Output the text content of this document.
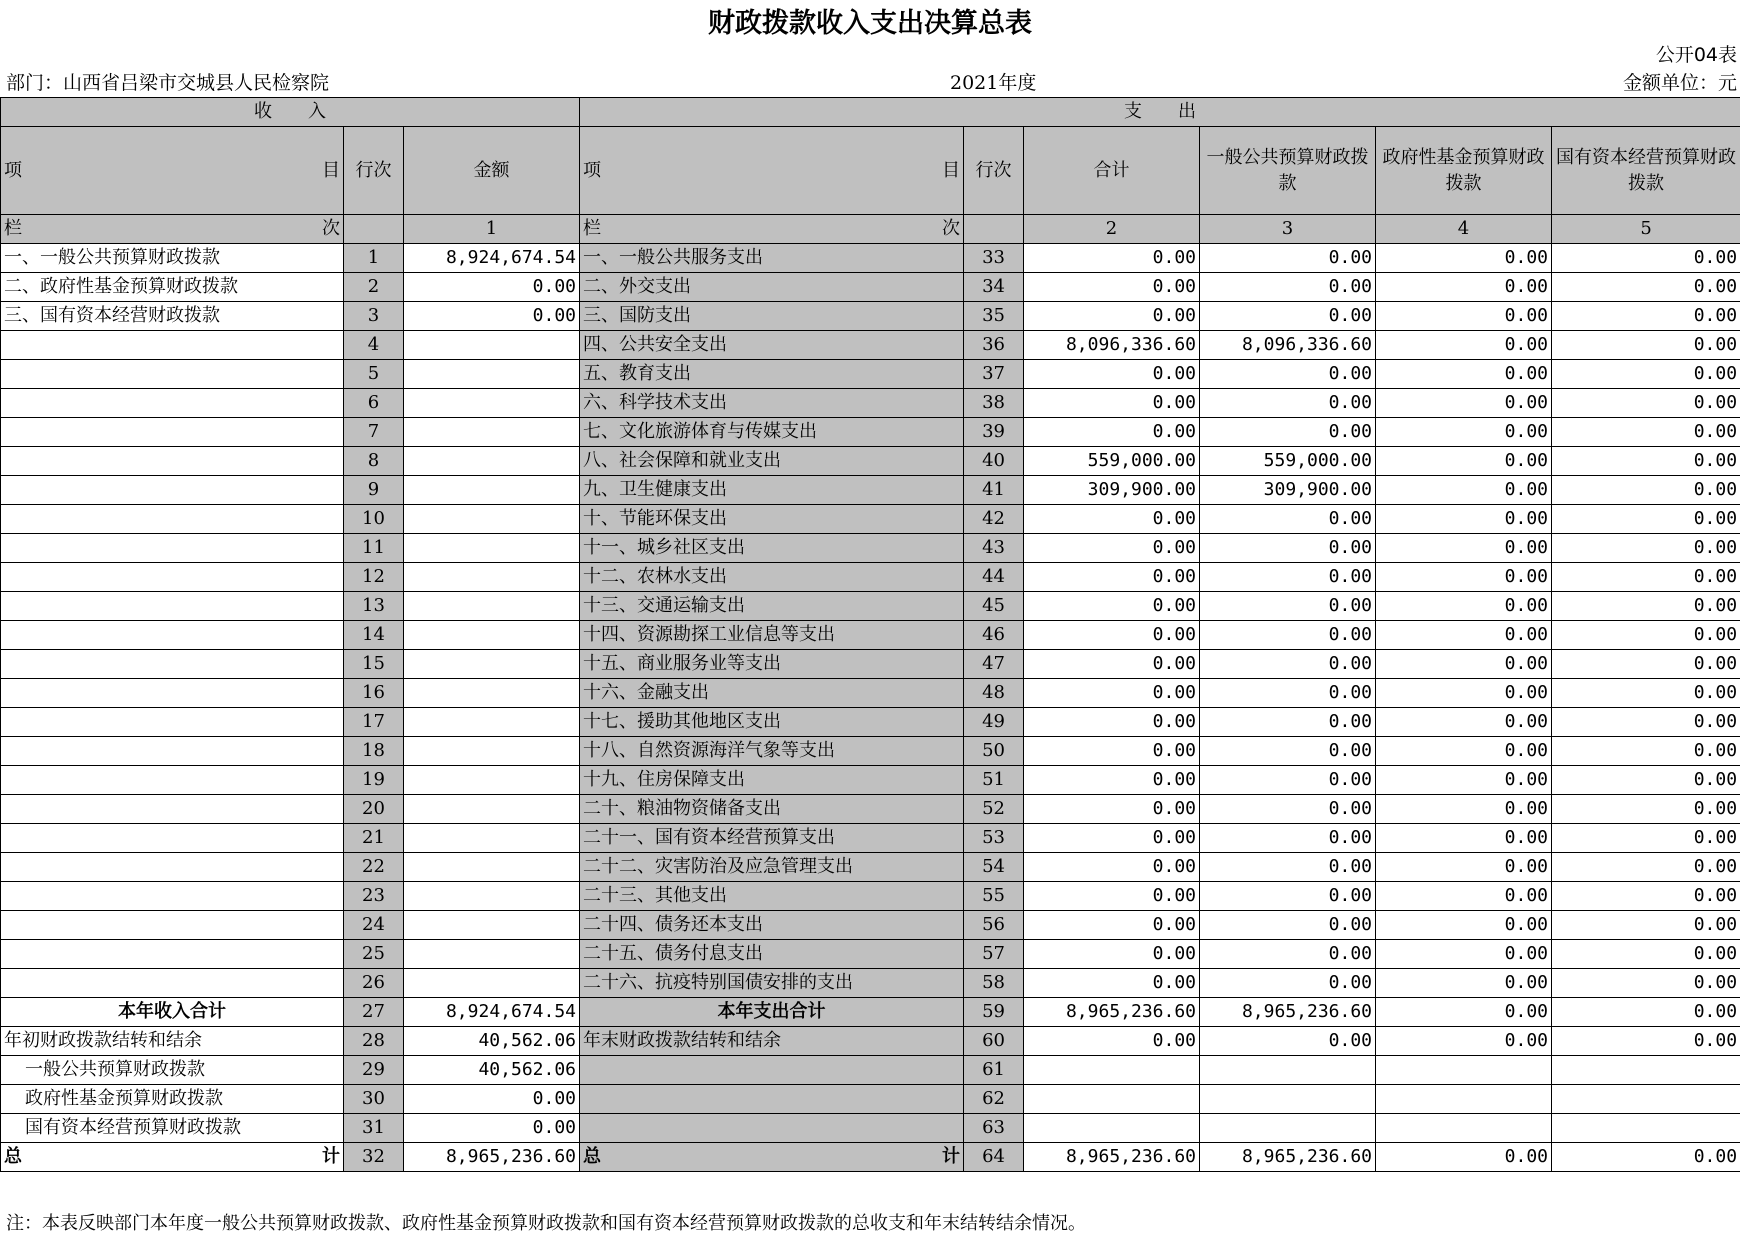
财政拨款收入支出决算总表
公开04表
部门：山西省吕梁市交城县人民检察院	2021年度	金额单位：元
收　　入			支　　出					

项 目	行次	金额	项 目	行次	合计	一般公共预算财政拨款	政府性基金预算财政拨款	国有资本经营预算财政拨款

栏 次		1	栏 次		2	3	4	5
一、一般公共预算财政拨款	1	8,924,674.54	一、一般公共服务支出	33	0.00	0.00	0.00	0.00
二、政府性基金预算财政拨款	2	0.00	二、外交支出	34	0.00	0.00	0.00	0.00
三、国有资本经营财政拨款	3	0.00	三、国防支出	35	0.00	0.00	0.00	0.00
	4		四、公共安全支出	36	8,096,336.60	8,096,336.60	0.00	0.00
	5		五、教育支出	37	0.00	0.00	0.00	0.00
	6		六、科学技术支出	38	0.00	0.00	0.00	0.00
	7		七、文化旅游体育与传媒支出	39	0.00	0.00	0.00	0.00
	8		八、社会保障和就业支出	40	559,000.00	559,000.00	0.00	0.00
	9		九、卫生健康支出	41	309,900.00	309,900.00	0.00	0.00
	10		十、节能环保支出	42	0.00	0.00	0.00	0.00
	11		十一、城乡社区支出	43	0.00	0.00	0.00	0.00
	12		十二、农林水支出	44	0.00	0.00	0.00	0.00
	13		十三、交通运输支出	45	0.00	0.00	0.00	0.00
	14		十四、资源勘探工业信息等支出	46	0.00	0.00	0.00	0.00
	15		十五、商业服务业等支出	47	0.00	0.00	0.00	0.00
	16		十六、金融支出	48	0.00	0.00	0.00	0.00
	17		十七、援助其他地区支出	49	0.00	0.00	0.00	0.00
	18		十八、自然资源海洋气象等支出	50	0.00	0.00	0.00	0.00
	19		十九、住房保障支出	51	0.00	0.00	0.00	0.00
	20		二十、粮油物资储备支出	52	0.00	0.00	0.00	0.00
	21		二十一、国有资本经营预算支出	53	0.00	0.00	0.00	0.00
	22		二十二、灾害防治及应急管理支出	54	0.00	0.00	0.00	0.00
	23		二十三、其他支出	55	0.00	0.00	0.00	0.00
	24		二十四、债务还本支出	56	0.00	0.00	0.00	0.00
	25		二十五、债务付息支出	57	0.00	0.00	0.00	0.00
	26		二十六、抗疫特别国债安排的支出	58	0.00	0.00	0.00	0.00
本年收入合计	27	8,924,674.54	本年支出合计	59	8,965,236.60	8,965,236.60	0.00	0.00
年初财政拨款结转和结余	28	40,562.06	年末财政拨款结转和结余	60	0.00	0.00	0.00	0.00
一般公共预算财政拨款	29	40,562.06		61				
政府性基金预算财政拨款	30	0.00		62				
国有资本经营预算财政拨款	31	0.00		63				

总 计	32	8,965,236.60	总 计	64	8,965,236.60	8,965,236.60	0.00	0.00
注：本表反映部门本年度一般公共预算财政拨款、政府性基金预算财政拨款和国有资本经营预算财政拨款的总收支和年末结转结余情况。
